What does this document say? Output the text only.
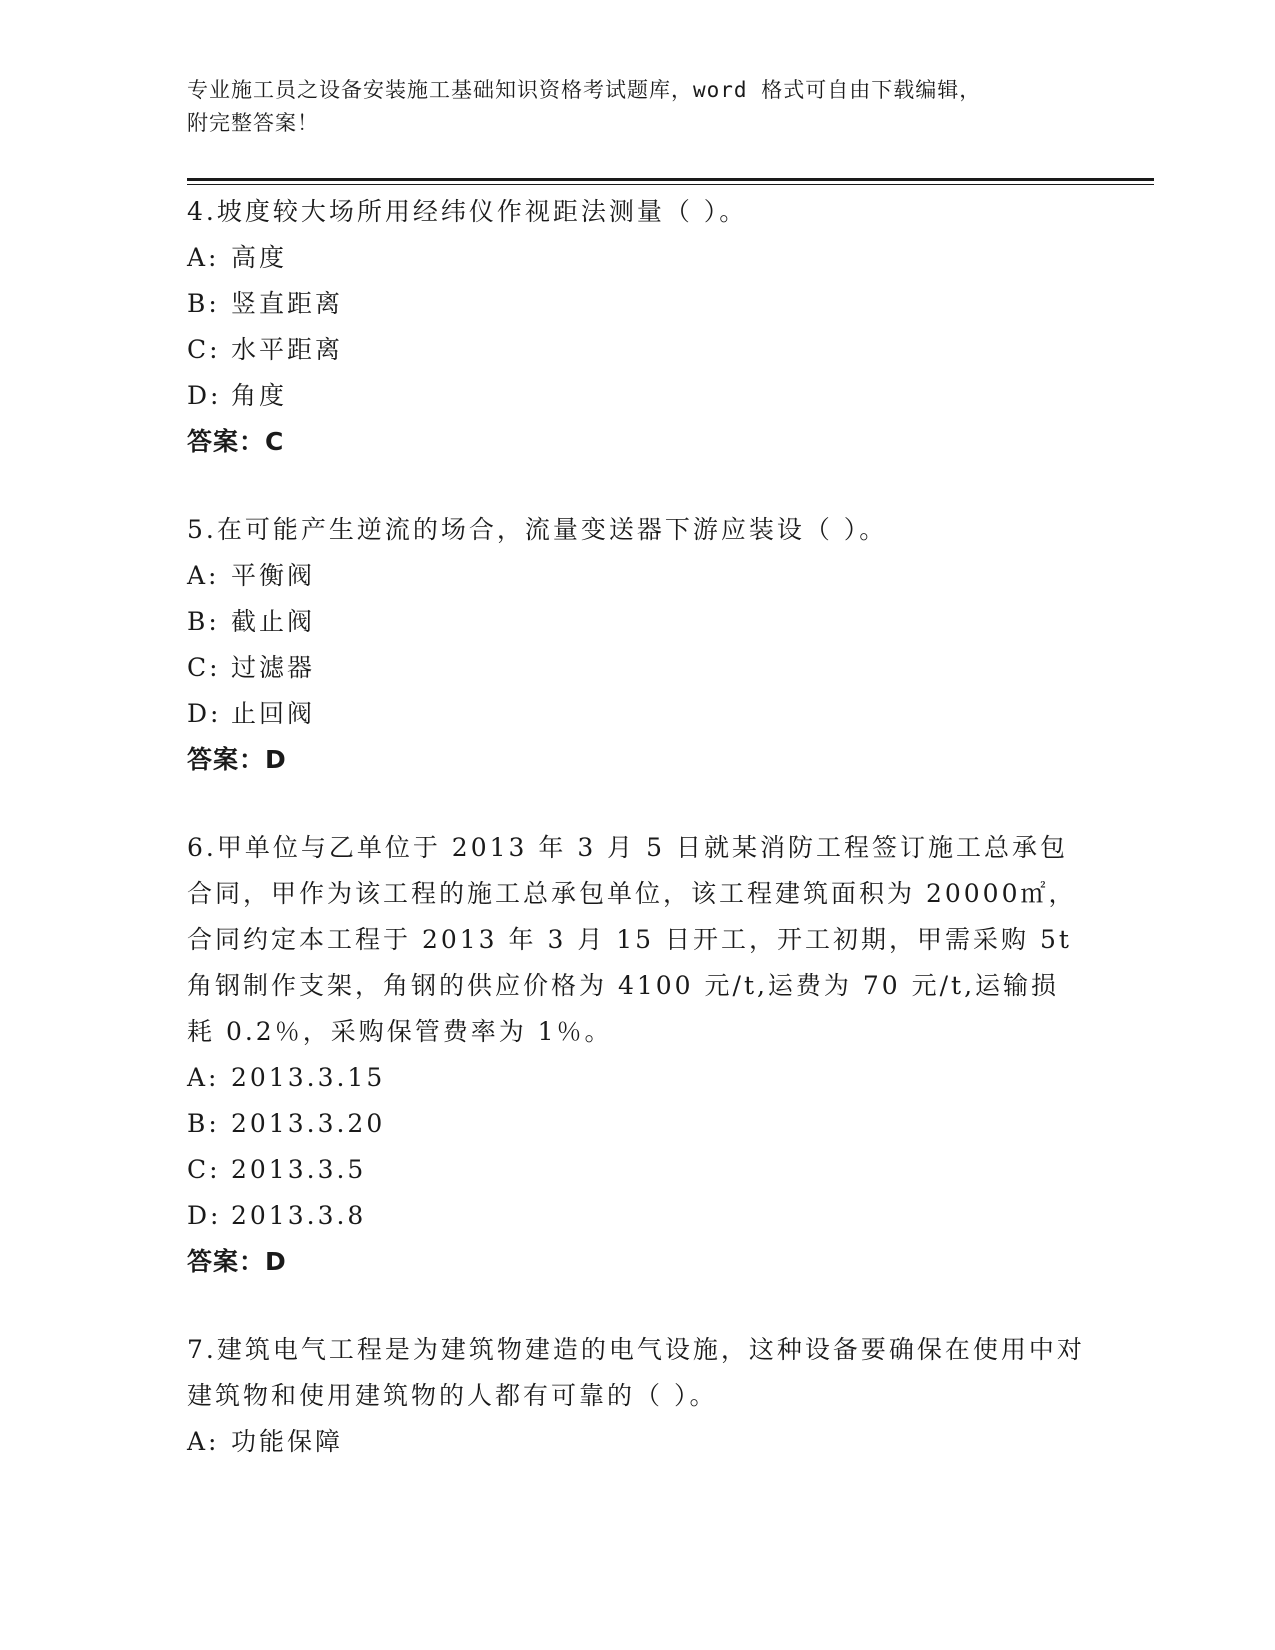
专业施工员之设备安装施工基础知识资格考试题库，word 格式可自由下载编辑，
附完整答案！
4.坡度较大场所用经纬仪作视距法测量（ ）。
A: 高度
B: 竖直距离
C: 水平距离
D: 角度
答案：C
5.在可能产生逆流的场合，流量变送器下游应装设（ ）。
A: 平衡阀
B: 截止阀
C: 过滤器
D: 止回阀
答案：D
6.甲单位与乙单位于 2013 年 3 月 5 日就某消防工程签订施工总承包合同，甲作为该工程的施工总承包单位，该工程建筑面积为 20000㎡，合同约定本工程于 2013 年 3 月 15 日开工，开工初期，甲需采购 5t 角钢制作支架，角钢的供应价格为 4100 元/t,运费为 70 元/t,运输损耗 0.2％，采购保管费率为 1％。
A: 2013.3.15
B: 2013.3.20
C: 2013.3.5
D: 2013.3.8
答案：D
7.建筑电气工程是为建筑物建造的电气设施，这种设备要确保在使用中对建筑物和使用建筑物的人都有可靠的（ ）。
A: 功能保障
